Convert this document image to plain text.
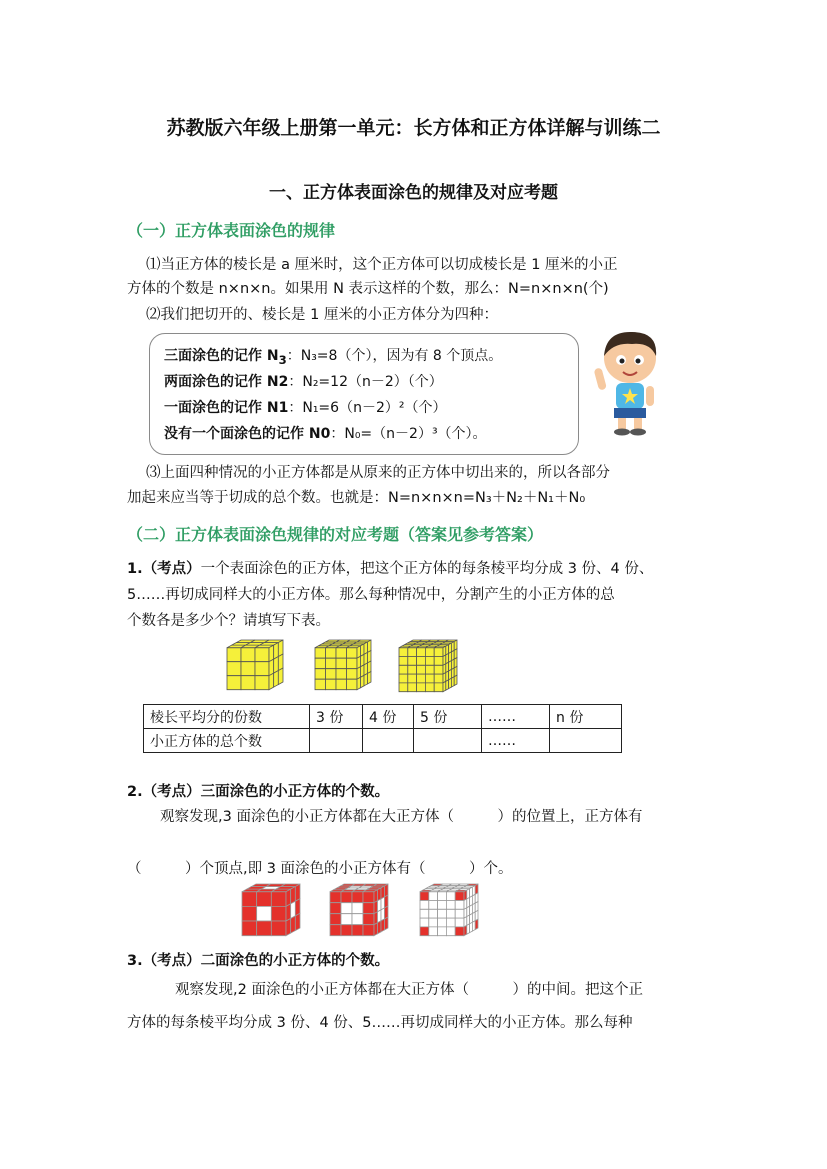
苏教版六年级上册第一单元：长方体和正方体详解与训练二
一、正方体表面涂色的规律及对应考题
（一）正方体表面涂色的规律
⑴当正方体的棱长是 a 厘米时，这个正方体可以切成棱长是 1 厘米的小正
方体的个数是 n×n×n。如果用 N 表示这样的个数，那么：N=n×n×n(个)
⑵我们把切开的、棱长是 1 厘米的小正方体分为四种：
三面涂色的记作 $N_3$：N₃=8（个），因为有 8 个顶点。
两面涂色的记作 N2：N₂=12（n－2）（个）
一面涂色的记作 N1：N₁=6（n－2）²（个）
没有一个面涂色的记作 N0：N₀=（n－2）³（个）。
⑶上面四种情况的小正方体都是从原来的正方体中切出来的，所以各部分
加起来应当等于切成的总个数。也就是：N=n×n×n=N₃＋N₂＋N₁＋N₀
（二）正方体表面涂色规律的对应考题（答案见参考答案）
1.（考点）一个表面涂色的正方体，把这个正方体的每条棱平均分成 3 份、4 份、
5……再切成同样大的小正方体。那么每种情况中，分割产生的小正方体的总
个数各是多少个？请填写下表。
棱长平均分的份数	3 份	4 份	5 份	……	n 份
小正方体的总个数				……	
2.（考点）三面涂色的小正方体的个数。
观察发现,3 面涂色的小正方体都在大正方体（　　　）的位置上，正方体有
（　　　）个顶点,即 3 面涂色的小正方体有（　　　）个。
3.（考点）二面涂色的小正方体的个数。
观察发现,2 面涂色的小正方体都在大正方体（　　　）的中间。把这个正
方体的每条棱平均分成 3 份、4 份、5……再切成同样大的小正方体。那么每种
